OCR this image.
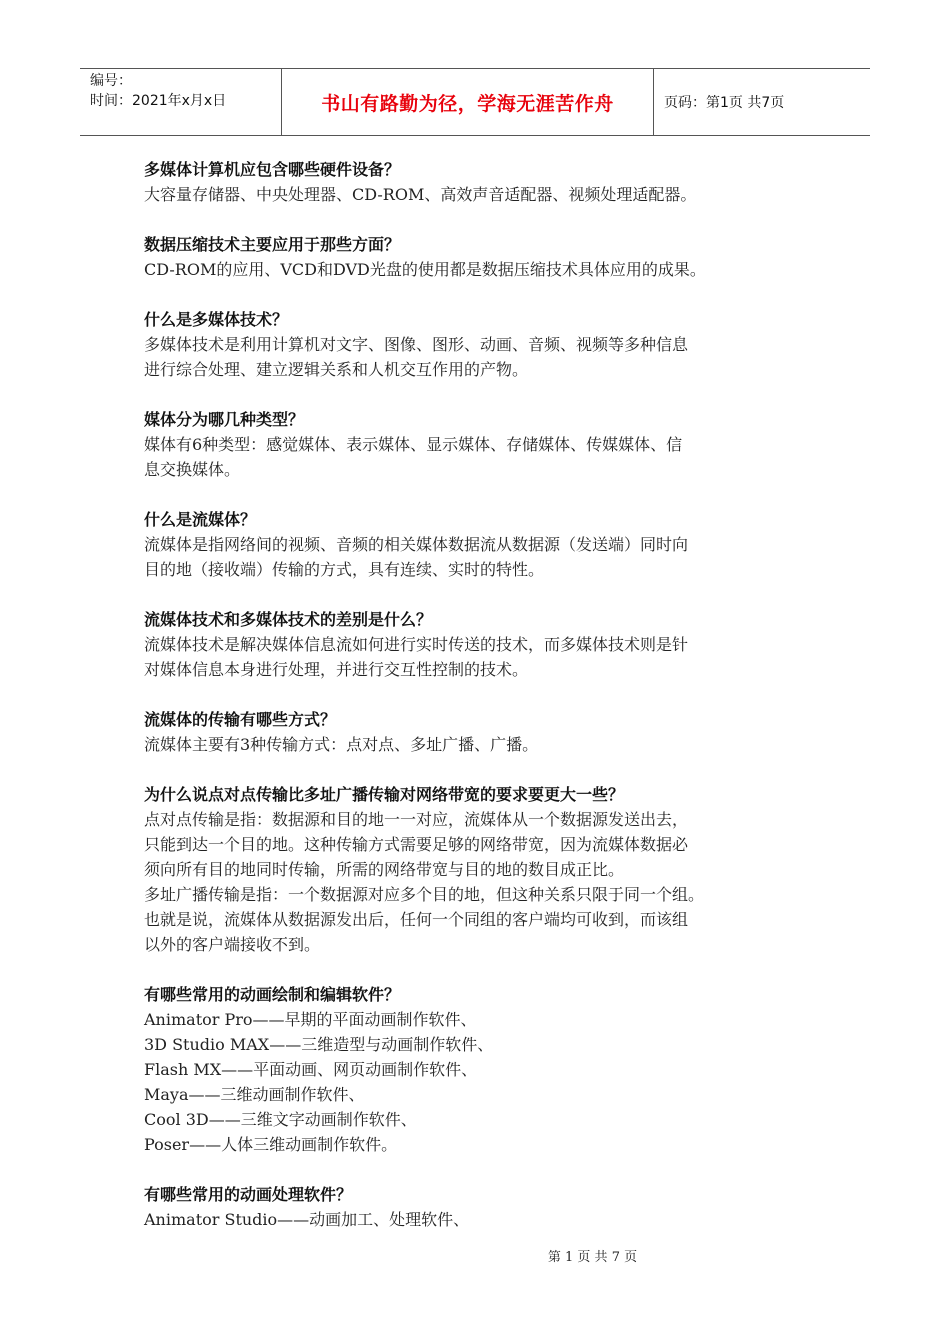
编号：
时间：2021年x月x日	书山有路勤为径，学海无涯苦作舟	页码：第1页 共7页

多媒体计算机应包含哪些硬件设备？

大容量存储器、中央处理器、CD-ROM、高效声音适配器、视频处理适配器。

数据压缩技术主要应用于那些方面？

CD-ROM的应用、VCD和DVD光盘的使用都是数据压缩技术具体应用的成果。

什么是多媒体技术？

多媒体技术是利用计算机对文字、图像、图形、动画、音频、视频等多种信息
进行综合处理、建立逻辑关系和人机交互作用的产物。

媒体分为哪几种类型？

媒体有6种类型：感觉媒体、表示媒体、显示媒体、存储媒体、传媒媒体、信
息交换媒体。

什么是流媒体？

流媒体是指网络间的视频、音频的相关媒体数据流从数据源（发送端）同时向
目的地（接收端）传输的方式，具有连续、实时的特性。

流媒体技术和多媒体技术的差别是什么？

流媒体技术是解决媒体信息流如何进行实时传送的技术，而多媒体技术则是针
对媒体信息本身进行处理，并进行交互性控制的技术。

流媒体的传输有哪些方式？

流媒体主要有3种传输方式：点对点、多址广播、广播。

为什么说点对点传输比多址广播传输对网络带宽的要求要更大一些？

点对点传输是指：数据源和目的地一一对应，流媒体从一个数据源发送出去，
只能到达一个目的地。这种传输方式需要足够的网络带宽，因为流媒体数据必
须向所有目的地同时传输，所需的网络带宽与目的地的数目成正比。
多址广播传输是指：一个数据源对应多个目的地，但这种关系只限于同一个组。
也就是说，流媒体从数据源发出后，任何一个同组的客户端均可收到，而该组
以外的客户端接收不到。

有哪些常用的动画绘制和编辑软件？

Animator Pro——早期的平面动画制作软件、
3D Studio MAX——三维造型与动画制作软件、
Flash MX——平面动画、网页动画制作软件、
Maya——三维动画制作软件、
Cool 3D——三维文字动画制作软件、
Poser——人体三维动画制作软件。

有哪些常用的动画处理软件？

Animator Studio——动画加工、处理软件、

第 1 页 共 7 页
